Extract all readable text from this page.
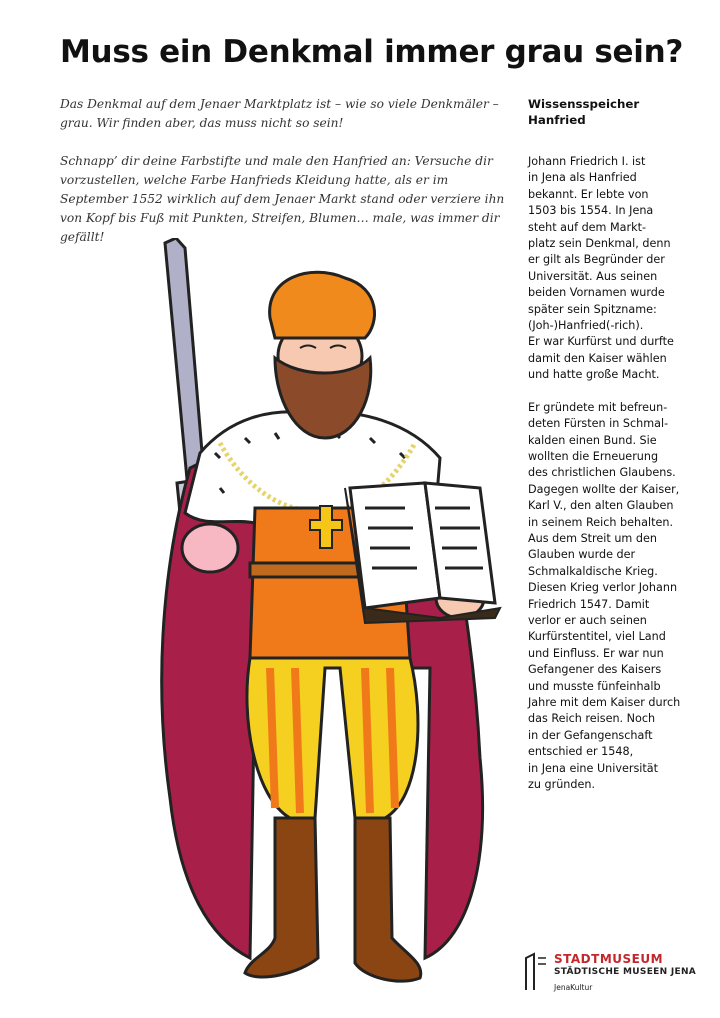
Muss ein Denkmal immer grau sein?

Das Denkmal auf dem Jenaer Marktplatz ist – wie so viele Denkmäler – grau. Wir finden aber, das muss nicht so sein!

Schnapp’ dir deine Farbstifte und male den Hanfried an: Versuche dir vorzustellen, welche Farbe Hanfrieds Kleidung hatte, als er im September 1552 wirklich auf dem Jenaer Markt stand oder verziere ihn von Kopf bis Fuß mit Punkten, Streifen, Blumen… male, was immer dir gefällt!

Wissensspeicher
Hanfried
Johann Friedrich I. ist
in Jena als Hanfried
bekannt. Er lebte von
1503 bis 1554. In Jena
steht auf dem Markt-
platz sein Denkmal, denn
er gilt als Begründer der
Universität. Aus seinen
beiden Vornamen wurde
später sein Spitzname:
(Joh-)Hanfried(-rich).
Er war Kurfürst und durfte
damit den Kaiser wählen
und hatte große Macht.
Er gründete mit befreun-
deten Fürsten in Schmal-
kalden einen Bund. Sie
wollten die Erneuerung
des christlichen Glaubens.
Dagegen wollte der Kaiser,
Karl V., den alten Glauben
in seinem Reich behalten.
Aus dem Streit um den
Glauben wurde der
Schmalkaldische Krieg.
Diesen Krieg verlor Johann
Friedrich 1547. Damit
verlor er auch seinen
Kurfürstentitel, viel Land
und Einfluss. Er war nun
Gefangener des Kaisers
und musste fünfeinhalb
Jahre mit dem Kaiser durch
das Reich reisen. Noch
in der Gefangenschaft
entschied er 1548,
in Jena eine Universität
zu gründen.
STADTMUSEUM
STÄDTISCHE MUSEEN JENA
JenaKultur
